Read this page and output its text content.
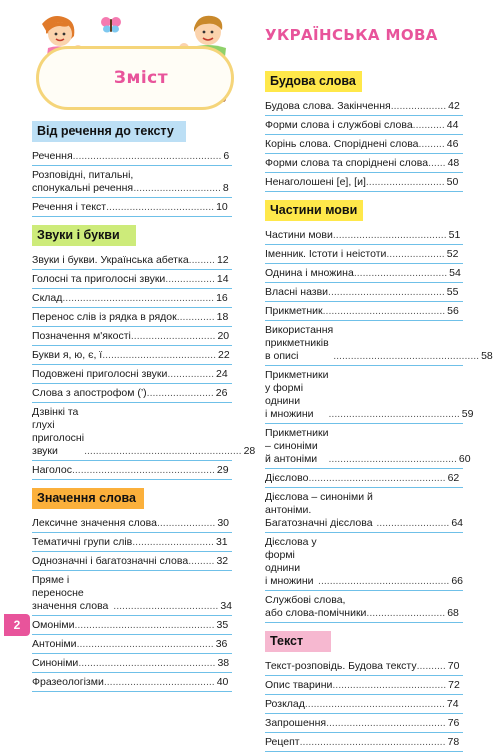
Зміст
УКРАЇНСЬКА МОВА
Від речення до тексту
Речення ................................................... 6
Розповідні, питальні,
спонукальні речення .............................. 8
Речення і текст ..................................... 10
Звуки і букви
Звуки і букви. Українська абетка ......... 12
Голосні та приголосні звуки ................. 14
Склад .................................................... 16
Перенос слів із рядка в рядок ............. 18
Позначення м'якості ............................. 20
Букви я, ю, є, ї ....................................... 22
Подовжені приголосні звуки ................ 24
Слова з апострофом (’) ....................... 26
Дзвінкі та глухі приголосні
звуки	...................................................... 28
Наголос ................................................. 29
Значення слова
Лексичне значення слова .................... 30
Тематичні групи слів ............................ 31
Однозначні і багатозначні слова ......... 32
Пряме і переносне
значення слова .................................... 34
Омоніми ................................................ 35
Антоніми ............................................... 36
Синоніми ............................................... 38
Фразеологізми ...................................... 40
Будова слова
Будова слова. Закінчення ................... 42
Форми слова і службові слова ........... 44
Корінь слова. Споріднені слова ......... 46
Форми слова та споріднені слова ...... 48
Ненаголошені [е], [и] ........................... 50
Частини мови
Частини мови ....................................... 51
Іменник. Істоти і неістоти .................... 52
Однина і множина ................................ 54
Власні назви ........................................ 55
Прикметник .......................................... 56
Використання прикметників
в описі	.................................................. 58
Прикметники у формі однини
і множини	............................................. 59
Прикметники – синоніми
й антоніми	............................................ 60
Дієслово ............................................... 62
Дієслова – синоніми й антоніми.
Багатозначні дієслова ......................... 64
Дієслова у формі однини
і множини ............................................. 66
Службові слова,
або слова-помічники ........................... 68
Текст
Текст-розповідь. Будова тексту .......... 70
Опис тварини ....................................... 72
Розклад ................................................ 74
Запрошення ......................................... 76
Рецепт .................................................. 78
2
